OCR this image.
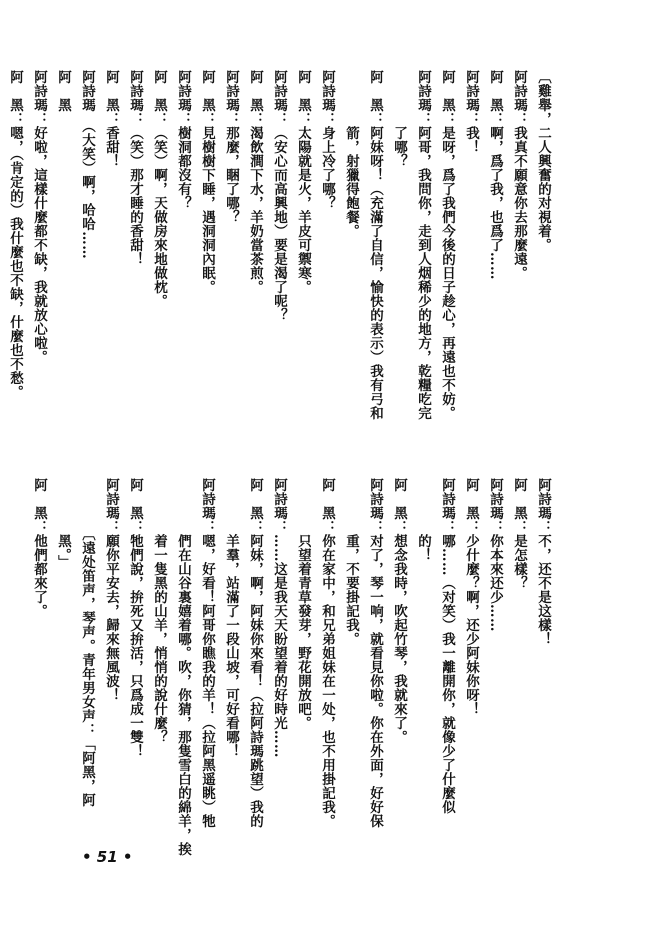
〔雞舉，二人興奮的对視着。
阿詩瑪：我真不願意你去那麼遠。
阿　黑：啊，爲了我，也爲了……
阿詩瑪：我！
阿　黑：是呀，爲了我們今後的日子趁心，再遠也不妨。
阿詩瑪：阿哥，我問你，走到人烟稀少的地方，乾糧吃完
　　　　了哪？
阿　黑：阿妹呀！（充滿了自信，愉快的表示）我有弓和
　　　　箭，射獵得飽餐。
阿詩瑪：身上冷了哪？
阿　黑：太陽就是火，羊皮可禦寒。
阿詩瑪：（安心而高興地）要是渴了呢？
阿　黑：渴飲澗下水，羊奶當茶煎。
阿詩瑪：那麼，睏了哪？
阿　黑：見樹樹下睡，遇洞洞內眠。
阿詩瑪：樹洞都沒有？
阿　黑：（笑）啊，天做房來地做枕。
阿詩瑪：（笑）那才睡的香甜！
阿　黑：香甜！
阿詩瑪　（大笑）啊，哈哈……
阿　黑
阿詩瑪：好啦，這樣什麼都不缺，我就放心啦。
阿　黑：嗯，（肯定的）我什麼也不缺，什麼也不愁。
阿詩瑪：不，还不是这樣！
阿　黑：是怎樣？
阿詩瑪：你本來还少……
阿　黑：少什麼？啊，还少阿妹你呀！
阿詩瑪：哪……（对笑）我一離開你，就像少了什麼似
　　　　的！
阿　黑：想念我時，吹起竹琴，我就來了。
阿詩瑪：对了，琴一响，就看見你啦。你在外面，好好保
　　　　重，不要掛記我。
阿　黑：你在家中，和兄弟姐妹在一处，也不用掛記我。
　　　　只望着青草發芽，野花開放吧。
阿詩瑪：……这是我天天盼望着的好時光……
阿　黑：阿妹，啊，阿妹你來看！（拉阿詩瑪跳望）我的
　　　　羊羣，站滿了一段山坡，可好看哪！
阿詩瑪：嗯，好看！阿哥你瞧我的羊！（拉阿黑遥眺）牠
　　　　們在山谷裏嬉着哪。吹，你猜，那隻雪白的綿羊，挨
　　　　着一隻黑的山羊，悄悄的說什麼？
阿　黑：牠們說，拚死又拚活，只爲成一雙！
阿詩瑪：願你平安去，歸來無風波！
　　　　〔遠处笛声，琴声。青年男女声：「阿黑，阿
　　　　黑。」
阿　黑：他們都來了。
• 51 •
